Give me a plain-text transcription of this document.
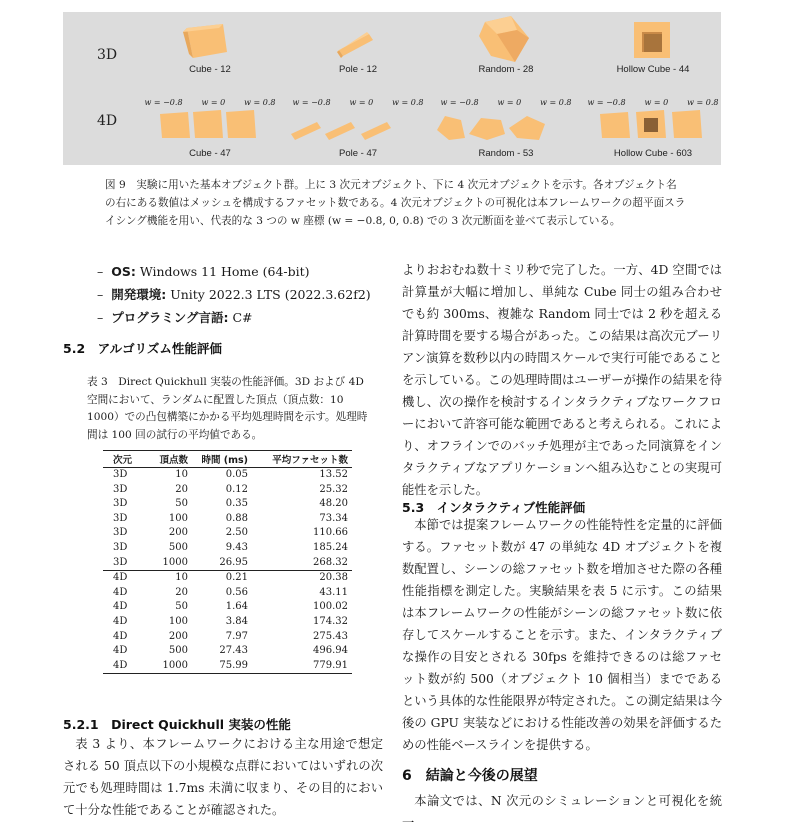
3D
4D
Cube - 12	Pole - 12	Random - 28	Hollow Cube - 44
w = −0.8 w = 0 w = 0.8
Cube - 47
w = −0.8 w = 0 w = 0.8
Pole - 47
w = −0.8 w = 0 w = 0.8
Random - 53
w = −0.8 w = 0 w = 0.8
Hollow Cube - 603
図 9　実験に用いた基本オブジェクト群。上に 3 次元オブジェクト、下に 4 次元オブジェクトを示す。各オブジェクト名の右にある数値はメッシュを構成するファセット数である。4 次元オブジェクトの可視化は本フレームワークの超平面スライシング機能を用い、代表的な 3 つの w 座標 (w = −0.8, 0, 0.8) での 3 次元断面を並べて表示している。
–  OS: Windows 11 Home (64-bit)
–  開発環境: Unity 2022.3 LTS (2022.3.62f2)
–  プログラミング言語: C#
5.2　アルゴリズム性能評価
表 3　Direct Quickhull 実装の性能評価。3D および 4D 空間において、ランダムに配置した頂点（頂点数：10 1000）での凸包構築にかかる平均処理時間を示す。処理時間は 100 回の試行の平均値である。
次元	頂点数	時間 (ms)	平均ファセット数
3D	10	0.05	13.52
3D	20	0.12	25.32
3D	50	0.35	48.20
3D	100	0.88	73.34
3D	200	2.50	110.66
3D	500	9.43	185.24
3D	1000	26.95	268.32
4D	10	0.21	20.38
4D	20	0.56	43.11
4D	50	1.64	100.02
4D	100	3.84	174.32
4D	200	7.97	275.43
4D	500	27.43	496.94
4D	1000	75.99	779.91
5.2.1　Direct Quickhull 実装の性能
表 3 より、本フレームワークにおける主な用途で想定される 50 頂点以下の小規模な点群においてはいずれの次元でも処理時間は 1.7ms 未満に収まり、その目的において十分な性能であることが確認された。
よりおおむね数十ミリ秒で完了した。一方、4D 空間では計算量が大幅に増加し、単純な Cube 同士の組み合わせでも約 300ms、複雑な Random 同士では 2 秒を超える計算時間を要する場合があった。この結果は高次元ブーリアン演算を数秒以内の時間スケールで実行可能であることを示している。この処理時間はユーザーが操作の結果を待機し、次の操作を検討するインタラクティブなワークフローにおいて許容可能な範囲であると考えられる。これにより、オフラインでのバッチ処理が主であった同演算をインタラクティブなアプリケーションへ組み込むことの実現可能性を示した。
5.3　インタラクティブ性能評価
本節では提案フレームワークの性能特性を定量的に評価する。ファセット数が 47 の単純な 4D オブジェクトを複数配置し、シーンの総ファセット数を増加させた際の各種性能指標を測定した。実験結果を表 5 に示す。この結果は本フレームワークの性能がシーンの総ファセット数に依存してスケールすることを示す。また、インタラクティブな操作の目安とされる 30fps を維持できるのは総ファセット数が約 500（オブジェクト 10 個相当）までであるという具体的な性能限界が特定された。この測定結果は今後の GPU 実装などにおける性能改善の効果を評価するための性能ベースラインを提供する。
6　結論と今後の展望
本論文では、N 次元のシミュレーションと可視化を統一
